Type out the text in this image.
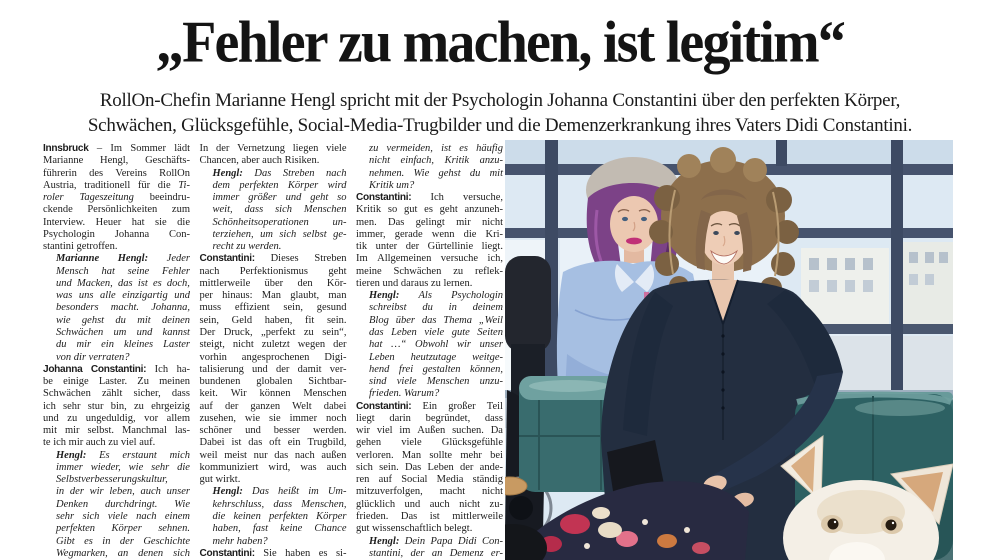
„Fehler zu machen, ist legitim“
RollOn-Chefin Marianne Hengl spricht mit der Psychologin Johanna Constantini über den perfekten Körper,
Schwächen, Glücksgefühle, Social-Media-Trugbilder und die Demenzerkrankung ihres Vaters Didi Constantini.
Innsbruck – Im Sommer lädt
Marianne Hengl, Geschäfts-
führerin des Vereins RollOn
Austria, traditionell für die Ti-
roler Tageszeitung beeindru-
ckende Persönlichkeiten zum
Interview. Heuer hat sie die
Psychologin Johanna Con-
stantini getroffen.
Marianne Hengl: Jeder
Mensch hat seine Fehler
und Macken, das ist es doch,
was uns alle einzigartig und
besonders macht. Johanna,
wie gehst du mit deinen
Schwächen um und kannst
du mir ein kleines Laster
von dir verraten?
Johanna Constantini: Ich ha-
be einige Laster. Zu meinen
Schwächen zählt sicher, dass
ich sehr stur bin, zu ehrgeizig
und zu ungeduldig, vor allem
mit mir selbst. Manchmal las-
te ich mir auch zu viel auf.
Hengl: Es erstaunt mich
immer wieder, wie sehr die
Selbstverbesserungskultur,
in der wir leben, auch unser
Denken durchdringt. Wie
sehr sich viele nach einem
perfekten Körper sehnen.
Gibt es in der Geschichte
Wegmarken, an denen sich
In der Vernetzung liegen viele
Chancen, aber auch Risiken.
Hengl: Das Streben nach
dem perfekten Körper wird
immer größer und geht so
weit, dass sich Menschen
Schönheitsoperationen un-
terziehen, um sich selbst ge-
recht zu werden.
Constantini: Dieses Streben
nach Perfektionismus geht
mittlerweile über den Kör-
per hinaus: Man glaubt, man
muss effizient sein, gesund
sein, Geld haben, fit sein.
Der Druck, „perfekt zu sein“,
steigt, nicht zuletzt wegen der
vorhin angesprochenen Digi-
talisierung und der damit ver-
bundenen globalen Sichtbar-
keit. Wir können Menschen
auf der ganzen Welt dabei
zusehen, wie sie immer noch
schöner und besser werden.
Dabei ist das oft ein Trugbild,
weil meist nur das nach außen
kommuniziert wird, was auch
gut wirkt.
Hengl: Das heißt im Um-
kehrschluss, dass Menschen,
die keinen perfekten Körper
haben, fast keine Chance
mehr haben?
Constantini: Sie haben es si-
zu vermeiden, ist es häufig
nicht einfach, Kritik anzu-
nehmen. Wie gehst du mit
Kritik um?
Constantini: Ich versuche,
Kritik so gut es geht anzuneh-
men. Das gelingt mir nicht
immer, gerade wenn die Kri-
tik unter der Gürtellinie liegt.
Im Allgemeinen versuche ich,
meine Schwächen zu reflek-
tieren und daraus zu lernen.
Hengl: Als Psychologin
schreibst du in deinem
Blog über das Thema „Weil
das Leben viele gute Seiten
hat …“ Obwohl wir unser
Leben heutzutage weitge-
hend frei gestalten können,
sind viele Menschen unzu-
frieden. Warum?
Constantini: Ein großer Teil
liegt darin begründet, dass
wir viel im Außen suchen. Da
gehen viele Glücksgefühle
verloren. Man sollte mehr bei
sich sein. Das Leben der ande-
ren auf Social Media ständig
mitzuverfolgen, macht nicht
glücklich und auch nicht zu-
frieden. Das ist mittlerweile
gut wissenschaftlich belegt.
Hengl: Dein Papa Didi Con-
stantini, der an Demenz er-
